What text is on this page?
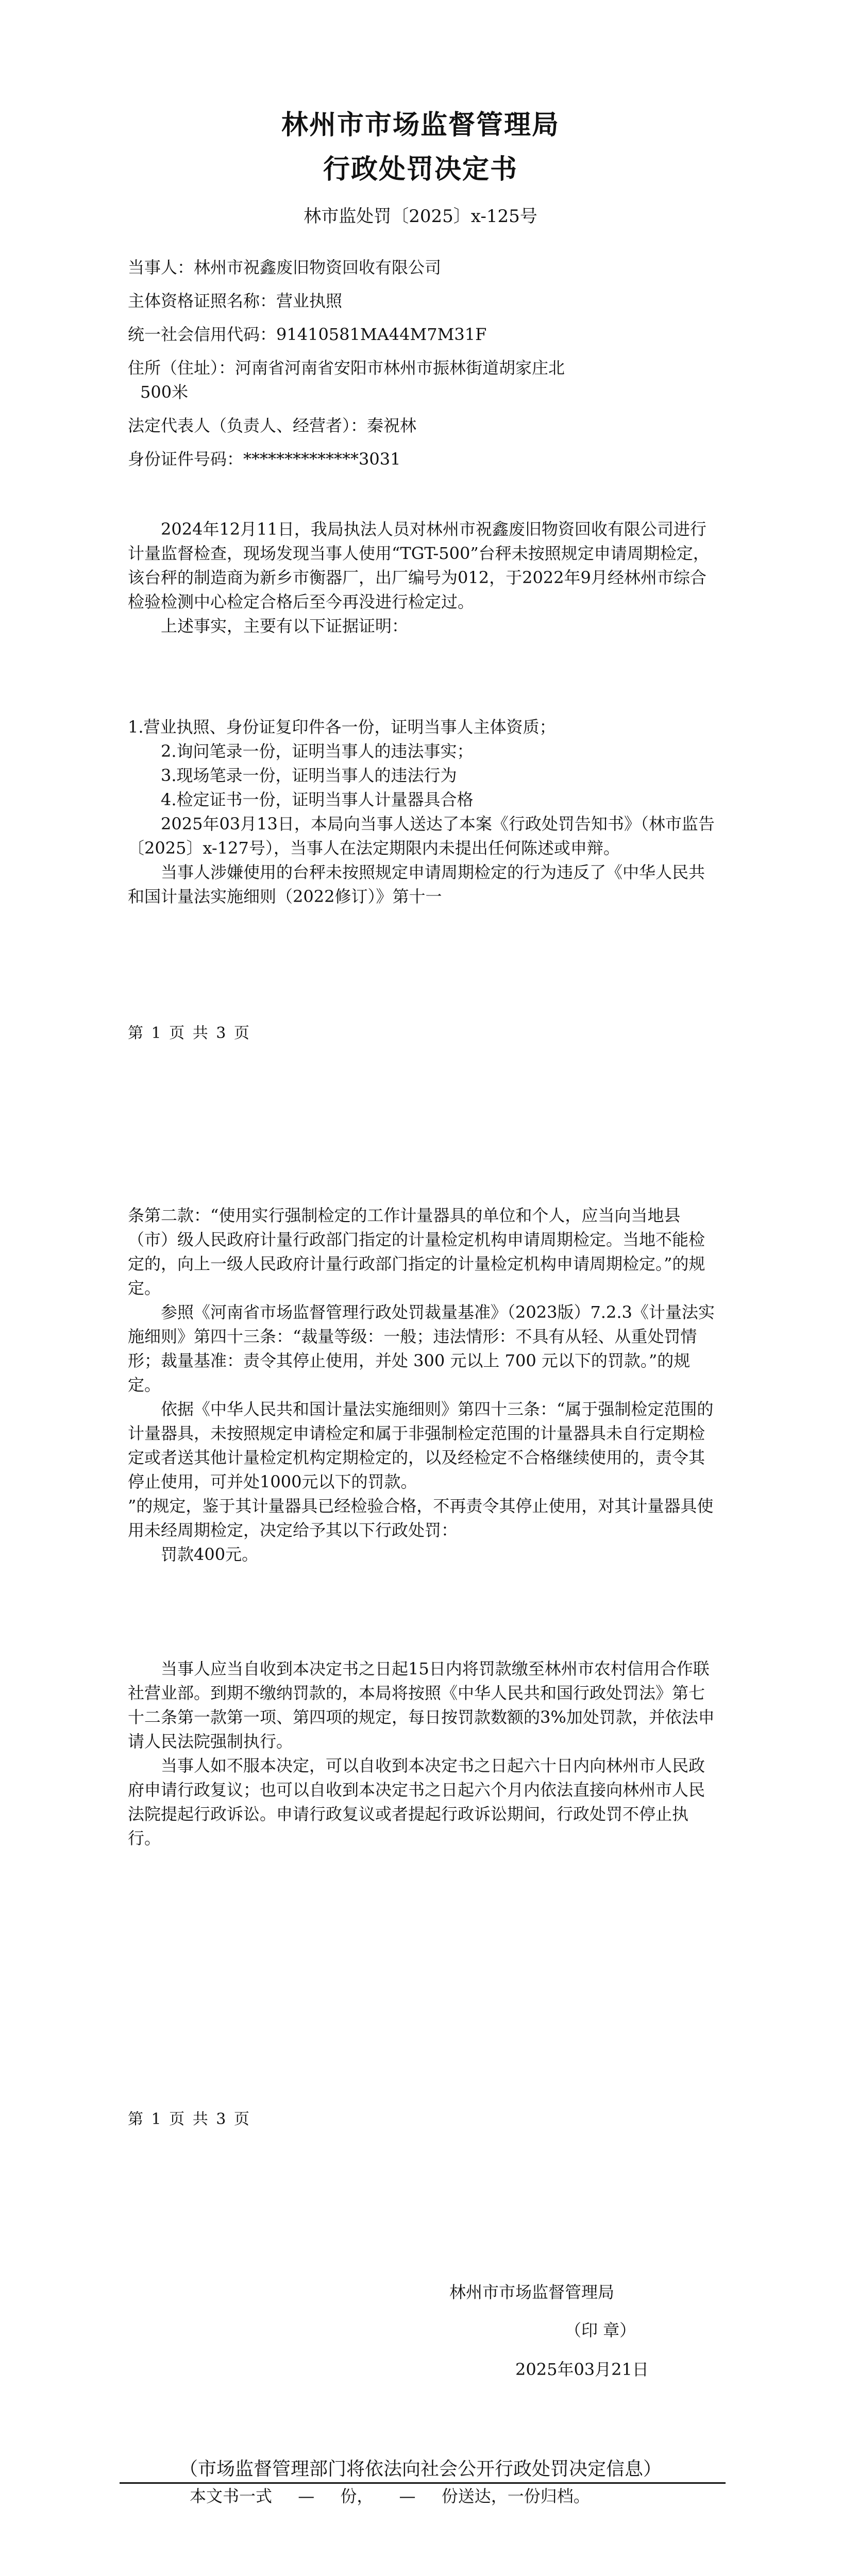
林州市市场监督管理局
行政处罚决定书

林市监处罚〔2025〕x-125号

当事人：林州市祝鑫废旧物资回收有限公司

主体资格证照名称：营业执照

统一社会信用代码：91410581MA44M7M31F

住所（住址）：河南省河南省安阳市林州市振林街道胡家庄北

500米

法定代表人（负责人、经营者）：秦祝林

身份证件号码：**************3031

2024年12月11日，我局执法人员对林州市祝鑫废旧物资回收有限公司进行计量监督检查，现场发现当事人使用“TGT-500”台秤未按照规定申请周期检定，该台秤的制造商为新乡市衡器厂，出厂编号为012，于2022年9月经林州市综合检验检测中心检定合格后至今再没进行检定过。

上述事实，主要有以下证据证明：

1.营业执照、身份证复印件各一份，证明当事人主体资质；

2.询问笔录一份，证明当事人的违法事实；

3.现场笔录一份，证明当事人的违法行为

4.检定证书一份，证明当事人计量器具合格

2025年03月13日，本局向当事人送达了本案《行政处罚告知书》（林市监告〔2025〕x-127号），当事人在法定期限内未提出任何陈述或申辩。

当事人涉嫌使用的台秤未按照规定申请周期检定的行为违反了《中华人民共和国计量法实施细则（2022修订）》第十一

第 1 页 共 3 页

条第二款：“使用实行强制检定的工作计量器具的单位和个人，应当向当地县（市）级人民政府计量行政部门指定的计量检定机构申请周期检定。当地不能检定的，向上一级人民政府计量行政部门指定的计量检定机构申请周期检定。”的规定。

参照《河南省市场监督管理行政处罚裁量基准》（2023版）7.2.3《计量法实施细则》第四十三条：“裁量等级：一般；违法情形：不具有从轻、从重处罚情形；裁量基准：责令其停止使用，并处 300 元以上 700 元以下的罚款。”的规定。

依据《中华人民共和国计量法实施细则》第四十三条：“属于强制检定范围的计量器具，未按照规定申请检定和属于非强制检定范围的计量器具未自行定期检定或者送其他计量检定机构定期检定的，以及经检定不合格继续使用的，责令其停止使用，可并处1000元以下的罚款。

”的规定，鉴于其计量器具已经检验合格，不再责令其停止使用，对其计量器具使用未经周期检定，决定给予其以下行政处罚：

罚款400元。

当事人应当自收到本决定书之日起15日内将罚款缴至林州市农村信用合作联社营业部。到期不缴纳罚款的，本局将按照《中华人民共和国行政处罚法》第七十二条第一款第一项、第四项的规定，每日按罚款数额的3%加处罚款，并依法申请人民法院强制执行。

当事人如不服本决定，可以自收到本决定书之日起六十日内向林州市人民政府申请行政复议；也可以自收到本决定书之日起六个月内依法直接向林州市人民法院提起行政诉讼。申请行政复议或者提起行政诉讼期间，行政处罚不停止执行。

第 1 页 共 3 页

林州市市场监督管理局

（印 章）

2025年03月21日

（市场监督管理部门将依法向社会公开行政处罚决定信息）

本文书一式 — 份， — 份送达，一份归档。
